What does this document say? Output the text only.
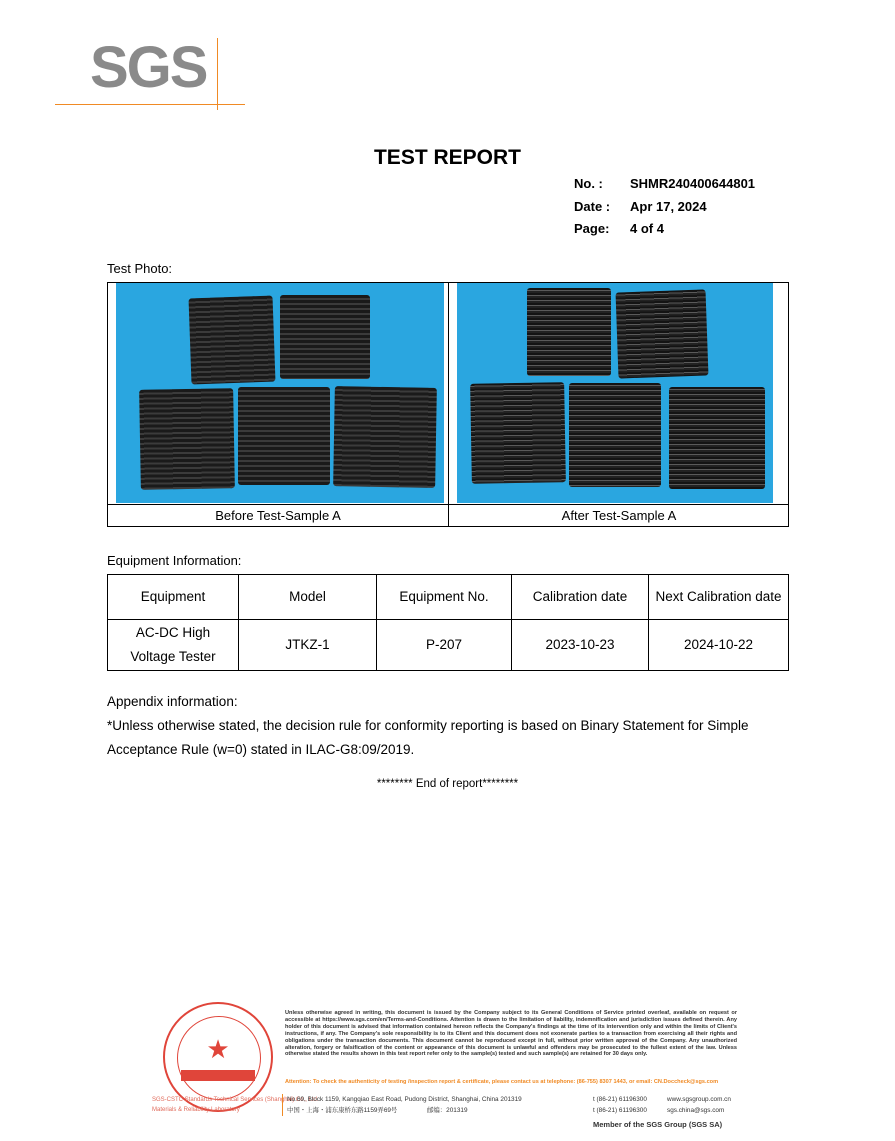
SGS
TEST REPORT
No. : SHMR240400644801
Date : Apr 17, 2024
Page: 4 of 4
Test Photo:
Before Test-Sample A	After Test-Sample A
Equipment Information:
Equipment	Model	Equipment No.	Calibration date	Next Calibration date
AC-DC High Voltage Tester	JTKZ-1	P-207	2023-10-23	2024-10-22
Appendix information:
*Unless otherwise stated, the decision rule for conformity reporting is based on Binary Statement for Simple Acceptance Rule (w=0) stated in ILAC-G8:09/2019.
******** End of report********
★
SGS-CSTC Standards Technical Services (Shanghai) Co., Ltd.
Materials & Reliability Laboratory
Unless otherwise agreed in writing, this document is issued by the Company subject to its General Conditions of Service printed overleaf, available on request or accessible at https://www.sgs.com/en/Terms-and-Conditions. Attention is drawn to the limitation of liability, indemnification and jurisdiction issues defined therein. Any holder of this document is advised that information contained hereon reflects the Company's findings at the time of its intervention only and within the limits of Client's instructions, if any. The Company's sole responsibility is to its Client and this document does not exonerate parties to a transaction from exercising all their rights and obligations under the transaction documents. This document cannot be reproduced except in full, without prior written approval of the Company. Any unauthorized alteration, forgery or falsification of the content or appearance of this document is unlawful and offenders may be prosecuted to the fullest extent of the law. Unless otherwise stated the results shown in this test report refer only to the sample(s) tested and such sample(s) are retained for 30 days only.
Attention: To check the authenticity of testing /inspection report & certificate, please contact us at telephone: (86-755) 8307 1443, or email: CN.Doccheck@sgs.com
No.69, Block 1159, Kangqiao East Road, Pudong District, Shanghai, China 201319	t (86-21) 61196300	www.sgsgroup.com.cn
中国・上海・浦东康桥东路1159弄69号	邮编：201319	t (86-21) 61196300	sgs.china@sgs.com
Member of the SGS Group (SGS SA)
